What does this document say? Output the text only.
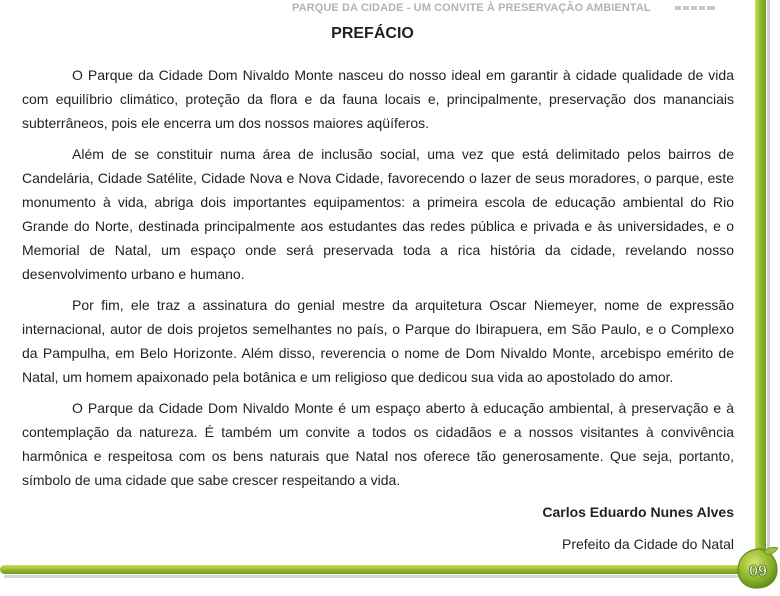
PARQUE DA CIDADE - UM CONVITE À PRESERVAÇÃO AMBIENTAL
PREFÁCIO

O Parque da Cidade Dom Nivaldo Monte nasceu do nosso ideal em garantir à cidade qualidade de vida com equilíbrio climático, proteção da flora e da fauna locais e, principalmente, preservação dos mananciais subterrâneos, pois ele encerra um dos nossos maiores aqüíferos.

Além de se constituir numa área de inclusão social, uma vez que está delimitado pelos bairros de Candelária, Cidade Satélite, Cidade Nova e Nova Cidade, favorecendo o lazer de seus moradores, o parque, este monumento à vida, abriga dois importantes equipamentos: a primeira escola de educação ambiental do Rio Grande do Norte, destinada principalmente aos estudantes das redes pública e privada e às universidades, e o Memorial de Natal, um espaço onde será preservada toda a rica história da cidade, revelando nosso desenvolvimento urbano e humano.

Por fim, ele traz a assinatura do genial mestre da arquitetura Oscar Niemeyer, nome de expressão internacional, autor de dois projetos semelhantes no país, o Parque do Ibirapuera, em São Paulo, e o Complexo da Pampulha, em Belo Horizonte. Além disso, reverencia o nome de Dom Nivaldo Monte, arcebispo emérito de Natal, um homem apaixonado pela botânica e um religioso que dedicou sua vida ao apostolado do amor.

O Parque da Cidade Dom Nivaldo Monte é um espaço aberto à educação ambiental, à preservação e à contemplação da natureza. É também um convite a todos os cidadãos e a nossos visitantes à convivência harmônica e respeitosa com os bens naturais que Natal nos oferece tão generosamente. Que seja, portanto, símbolo de uma cidade que sabe crescer respeitando a vida.

Carlos Eduardo Nunes Alves
Prefeito da Cidade do Natal
09
